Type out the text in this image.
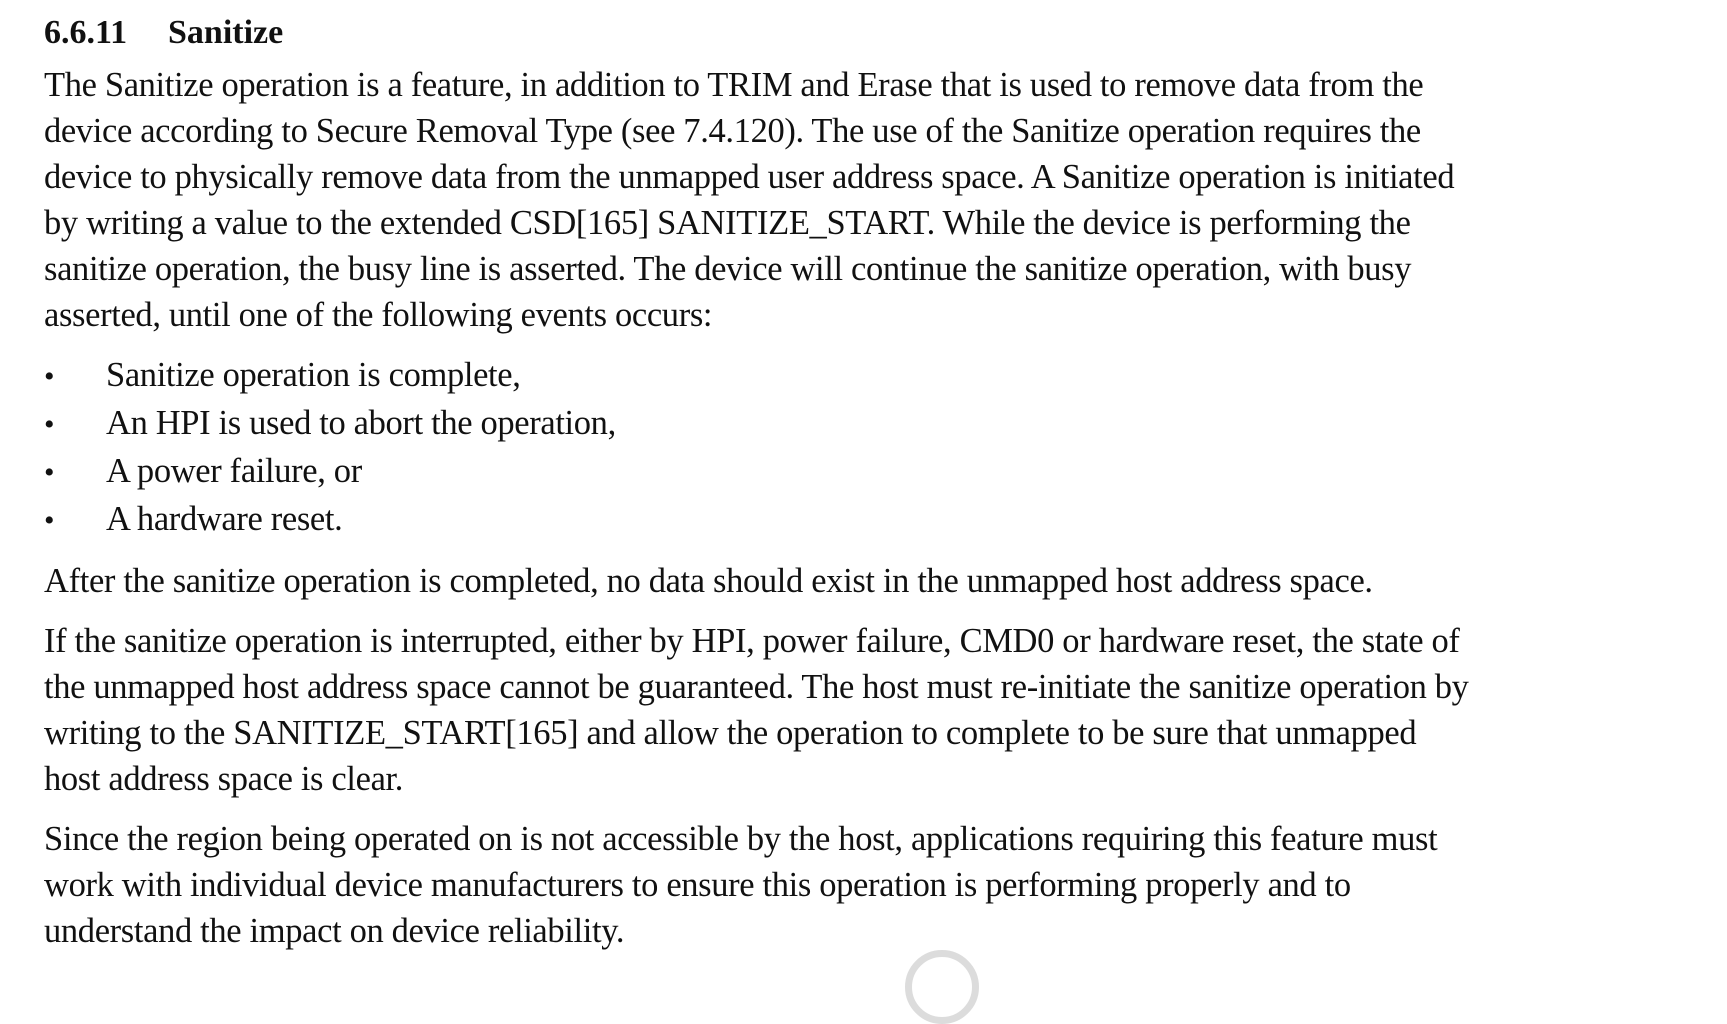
6.6.11	Sanitize

The Sanitize operation is a feature, in addition to TRIM and Erase that is used to remove data from the
device according to Secure Removal Type (see 7.4.120). The use of the Sanitize operation requires the
device to physically remove data from the unmapped user address space. A Sanitize operation is initiated
by writing a value to the extended CSD[165] SANITIZE_START. While the device is performing the
sanitize operation, the busy line is asserted. The device will continue the sanitize operation, with busy
asserted, until one of the following events occurs:

•	Sanitize operation is complete,
•	An HPI is used to abort the operation,
•	A power failure, or
•	A hardware reset.

After the sanitize operation is completed, no data should exist in the unmapped host address space.

If the sanitize operation is interrupted, either by HPI, power failure, CMD0 or hardware reset, the state of
the unmapped host address space cannot be guaranteed. The host must re-initiate the sanitize operation by
writing to the SANITIZE_START[165] and allow the operation to complete to be sure that unmapped
host address space is clear.

Since the region being operated on is not accessible by the host, applications requiring this feature must
work with individual device manufacturers to ensure this operation is performing properly and to
understand the impact on device reliability.
